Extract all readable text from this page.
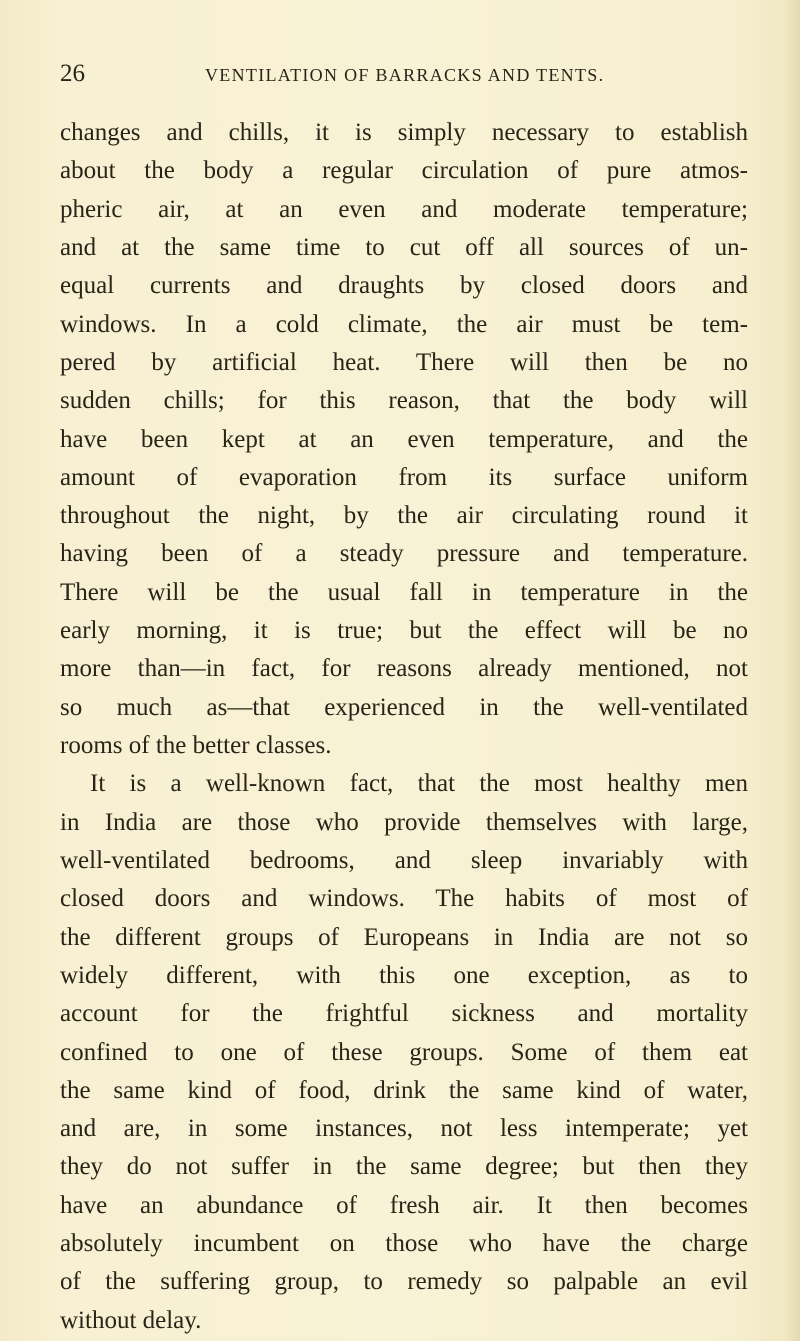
26	VENTILATION OF BARRACKS AND TENTS.
changes and chills, it is simply necessary to establish
about the body a regular circulation of pure atmos-
pheric air, at an even and moderate temperature;
and at the same time to cut off all sources of un-
equal currents and draughts by closed doors and
windows. In a cold climate, the air must be tem-
pered by artificial heat. There will then be no
sudden chills; for this reason, that the body will
have been kept at an even temperature, and the
amount of evaporation from its surface uniform
throughout the night, by the air circulating round it
having been of a steady pressure and temperature.
There will be the usual fall in temperature in the
early morning, it is true; but the effect will be no
more than—in fact, for reasons already mentioned, not
so much as—that experienced in the well-ventilated
rooms of the better classes.
It is a well-known fact, that the most healthy men
in India are those who provide themselves with large,
well-ventilated bedrooms, and sleep invariably with
closed doors and windows. The habits of most of
the different groups of Europeans in India are not so
widely different, with this one exception, as to
account for the frightful sickness and mortality
confined to one of these groups. Some of them eat
the same kind of food, drink the same kind of water,
and are, in some instances, not less intemperate; yet
they do not suffer in the same degree; but then they
have an abundance of fresh air. It then becomes
absolutely incumbent on those who have the charge
of the suffering group, to remedy so palpable an evil
without delay.
